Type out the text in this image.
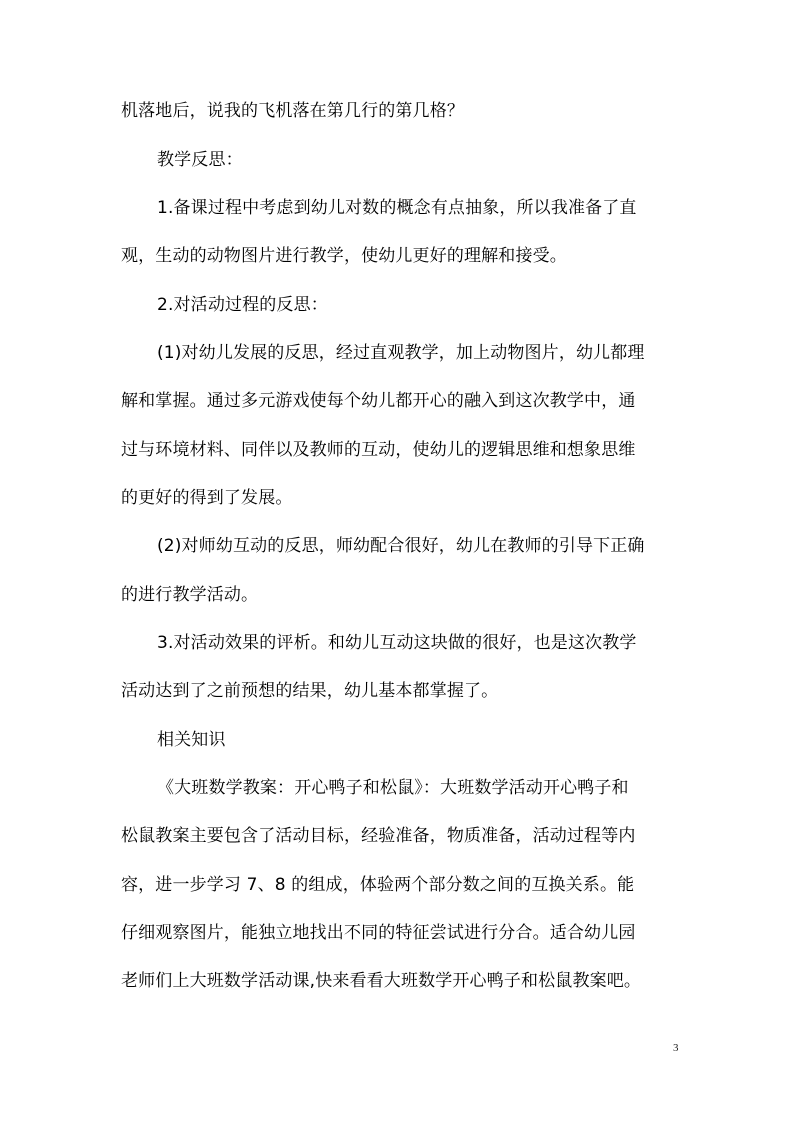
机落地后，说我的飞机落在第几行的第几格？
教学反思：
1.备课过程中考虑到幼儿对数的概念有点抽象，所以我准备了直
观，生动的动物图片进行教学，使幼儿更好的理解和接受。
2.对活动过程的反思：
(1)对幼儿发展的反思，经过直观教学，加上动物图片，幼儿都理
解和掌握。通过多元游戏使每个幼儿都开心的融入到这次教学中，通
过与环境材料、同伴以及教师的互动，使幼儿的逻辑思维和想象思维
的更好的得到了发展。
(2)对师幼互动的反思，师幼配合很好，幼儿在教师的引导下正确
的进行教学活动。
3.对活动效果的评析。和幼儿互动这块做的很好，也是这次教学
活动达到了之前预想的结果，幼儿基本都掌握了。
相关知识
《大班数学教案：开心鸭子和松鼠》：大班数学活动开心鸭子和
松鼠教案主要包含了活动目标，经验准备，物质准备，活动过程等内
容，进一步学习 7、8 的组成，体验两个部分数之间的互换关系。能
仔细观察图片，能独立地找出不同的特征尝试进行分合。适合幼儿园
老师们上大班数学活动课,快来看看大班数学开心鸭子和松鼠教案吧。
3
